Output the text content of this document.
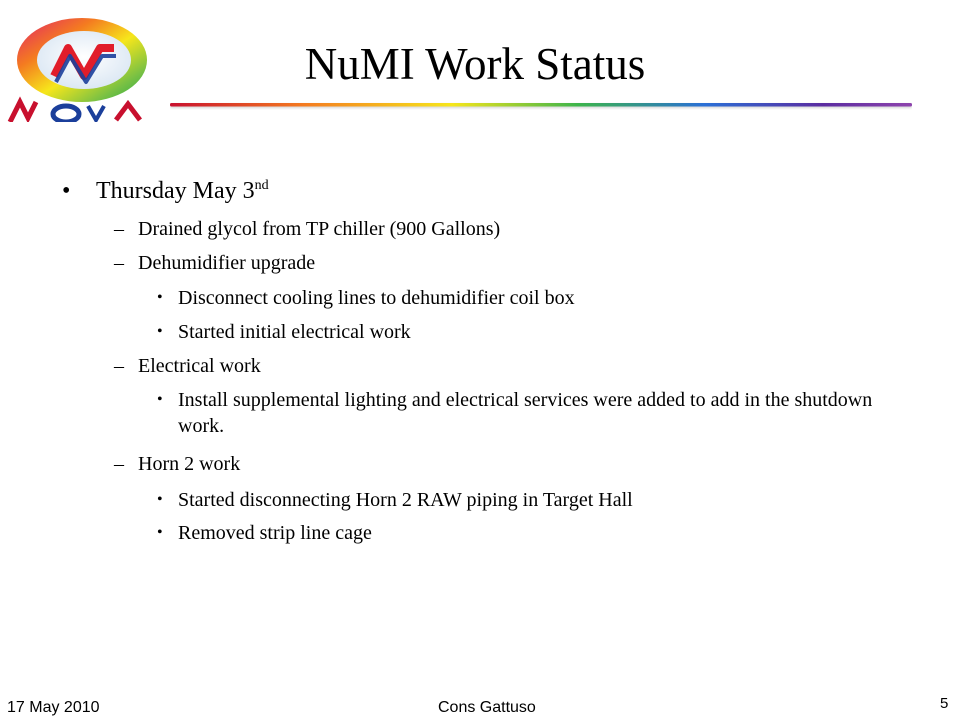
NuMI Work Status
• Thursday May 3nd
– Drained glycol from TP chiller (900 Gallons)
– Dehumidifier upgrade
• Disconnect cooling lines to dehumidifier coil box
• Started initial electrical work
– Electrical work
• Install supplemental lighting and electrical services were added to add in the shutdown work.
– Horn 2 work
• Started disconnecting Horn 2 RAW piping in Target Hall
• Removed strip line cage
17 May 2010	Cons Gattuso	5
